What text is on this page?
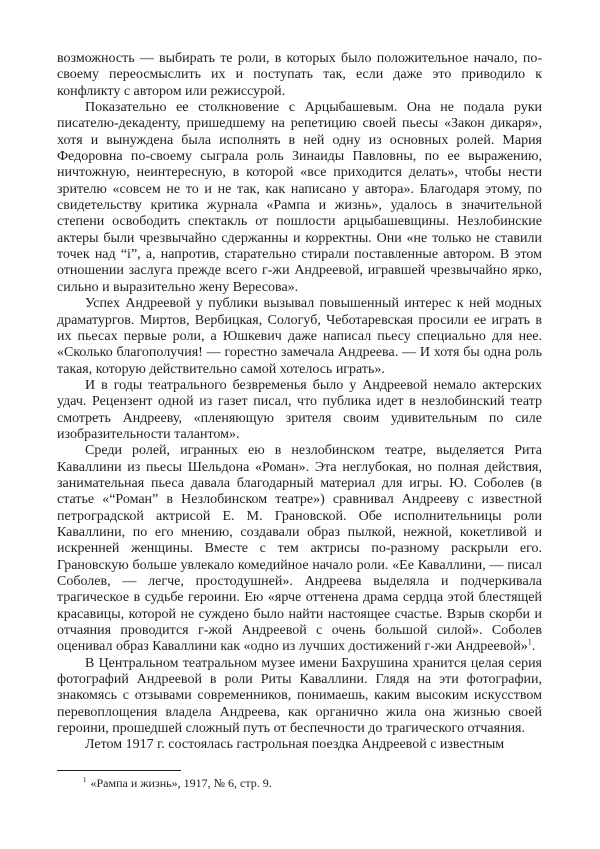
возможность — выбирать те роли, в которых было положительное начало, по-своему переосмыслить их и поступать так, если даже это приводило к конфликту с автором или режиссурой.

Показательно ее столкновение с Арцыбашевым. Она не подала руки писателю-декаденту, пришедшему на репетицию своей пьесы «Закон дикаря», хотя и вынуждена была исполнять в ней одну из основных ролей. Мария Федоровна по-своему сыграла роль Зинаиды Павловны, по ее выражению, ничтожную, неинтересную, в которой «все приходится делать», чтобы нести зрителю «совсем не то и не так, как написано у автора». Благодаря этому, по свидетельству критика журнала «Рампа и жизнь», удалось в значительной степени освободить спектакль от пошлости арцыбашевщины. Незлобинские актеры были чрезвычайно сдержанны и корректны. Они «не только не ставили точек над “i”, а, напротив, старательно стирали поставленные автором. В этом отношении заслуга прежде всего г-жи Андреевой, игравшей чрезвычайно ярко, сильно и выразительно жену Вересова».

Успех Андреевой у публики вызывал повышенный интерес к ней модных драматургов. Миртов, Вербицкая, Сологуб, Чеботаревская просили ее играть в их пьесах первые роли, а Юшкевич даже написал пьесу специально для нее. «Сколько благополучия! — горестно замечала Андреева. — И хотя бы одна роль такая, которую действительно самой хотелось играть».

И в годы театрального безвременья было у Андреевой немало актерских удач. Рецензент одной из газет писал, что публика идет в незлобинский театр смотреть Андрееву, «пленяющую зрителя своим удивительным по силе изобразительности талантом».

Среди ролей, игранных ею в незлобинском театре, выделяется Рита Каваллини из пьесы Шельдона «Роман». Эта неглубокая, но полная действия, занимательная пьеса давала благодарный материал для игры. Ю. Соболев (в статье «“Роман” в Незлобинском театре») сравнивал Андрееву с известной петроградской актрисой Е. М. Грановской. Обе исполнительницы роли Каваллини, по его мнению, создавали образ пылкой, нежной, кокетливой и искренней женщины. Вместе с тем актрисы по-разному раскрыли его. Грановскую больше увлекало комедийное начало роли. «Ее Каваллини, — писал Соболев, — легче, простодушней». Андреева выделяла и подчеркивала трагическое в судьбе героини. Ею «ярче оттенена драма сердца этой блестящей красавицы, которой не суждено было найти настоящее счастье. Взрыв скорби и отчаяния проводится г-жой Андреевой с очень большой силой». Соболев оценивал образ Каваллини как «одно из лучших достижений г-жи Андреевой»$^1$.

В Центральном театральном музее имени Бахрушина хранится целая серия фотографий Андреевой в роли Риты Каваллини. Глядя на эти фотографии, знакомясь с отзывами современников, понимаешь, каким высоким искусством перевоплощения владела Андреева, как органично жила она жизнью своей героини, прошедшей сложный путь от беспечности до трагического отчаяния.

Летом 1917 г. состоялась гастрольная поездка Андреевой с известным

$^1$ «Рампа и жизнь», 1917, № 6, стр. 9.
